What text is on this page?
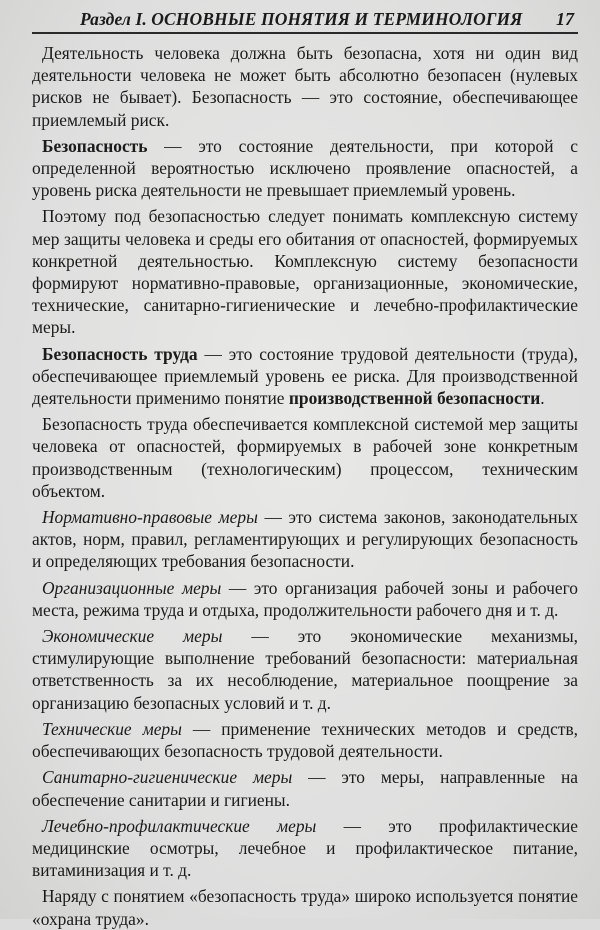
Раздел I. ОСНОВНЫЕ ПОНЯТИЯ И ТЕРМИНОЛОГИЯ 17

Деятельность человека должна быть безопасна, хотя ни один вид деятельности человека не может быть абсолютно безопасен (нулевых рисков не бывает). Безопасность — это состояние, обеспечивающее приемлемый риск.

Безопасность — это состояние деятельности, при которой с определенной вероятностью исключено проявление опасностей, а уровень риска деятельности не превышает приемлемый уровень.

Поэтому под безопасностью следует понимать комплексную систему мер защиты человека и среды его обитания от опасностей, формируемых конкретной деятельностью. Комплексную систему безопасности формируют нормативно-правовые, организационные, экономические, технические, санитарно-гигиенические и лечебно-профилактические меры.

Безопасность труда — это состояние трудовой деятельности (труда), обеспечивающее приемлемый уровень ее риска. Для производственной деятельности применимо понятие производственной безопасности.

Безопасность труда обеспечивается комплексной системой мер защиты человека от опасностей, формируемых в рабочей зоне конкретным производственным (технологическим) процессом, техническим объектом.

Нормативно-правовые меры — это система законов, законодательных актов, норм, правил, регламентирующих и регулирующих безопасность и определяющих требования безопасности.

Организационные меры — это организация рабочей зоны и рабочего места, режима труда и отдыха, продолжительности рабочего дня и т. д.

Экономические меры — это экономические механизмы, стимулирующие выполнение требований безопасности: материальная ответственность за их несоблюдение, материальное поощрение за организацию безопасных условий и т. д.

Технические меры — применение технических методов и средств, обеспечивающих безопасность трудовой деятельности.

Санитарно-гигиенические меры — это меры, направленные на обеспечение санитарии и гигиены.

Лечебно-профилактические меры — это профилактические медицинские осмотры, лечебное и профилактическое питание, витаминизация и т. д.

Наряду с понятием «безопасность труда» широко используется понятие «охрана труда».
